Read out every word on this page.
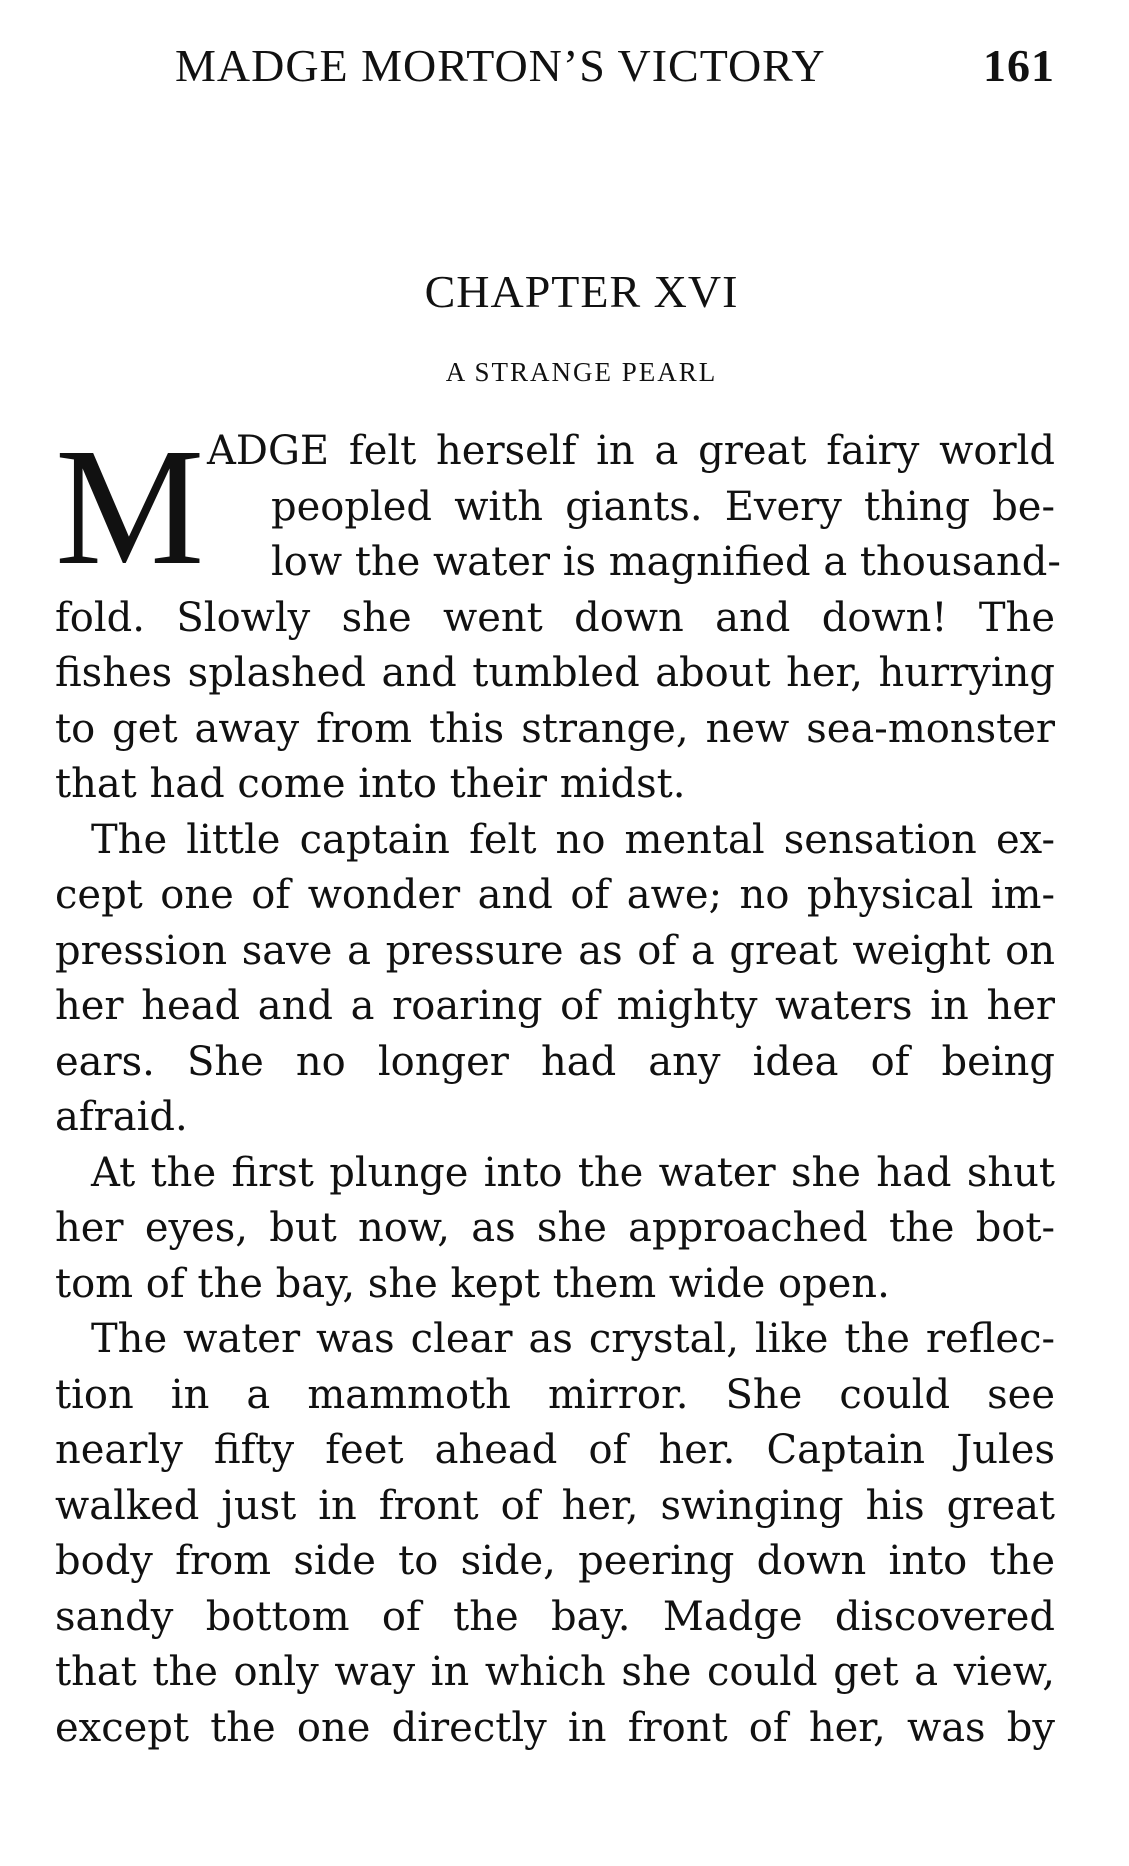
MADGE MORTON’S VICTORY	161
CHAPTER XVI
A STRANGE PEARL
M ADGE felt herself in a great fairy world
peopled with giants. Every thing be-
low the water is magnified a thousand-
fold. Slowly she went down and down! The
fishes splashed and tumbled about her, hurrying
to get away from this strange, new sea-monster
that had come into their midst.
The little captain felt no mental sensation ex-
cept one of wonder and of awe; no physical im-
pression save a pressure as of a great weight on
her head and a roaring of mighty waters in her
ears. She no longer had any idea of being
afraid.
At the first plunge into the water she had shut
her eyes, but now, as she approached the bot-
tom of the bay, she kept them wide open.
The water was clear as crystal, like the reflec-
tion in a mammoth mirror. She could see
nearly fifty feet ahead of her. Captain Jules
walked just in front of her, swinging his great
body from side to side, peering down into the
sandy bottom of the bay. Madge discovered
that the only way in which she could get a view,
except the one directly in front of her, was by
